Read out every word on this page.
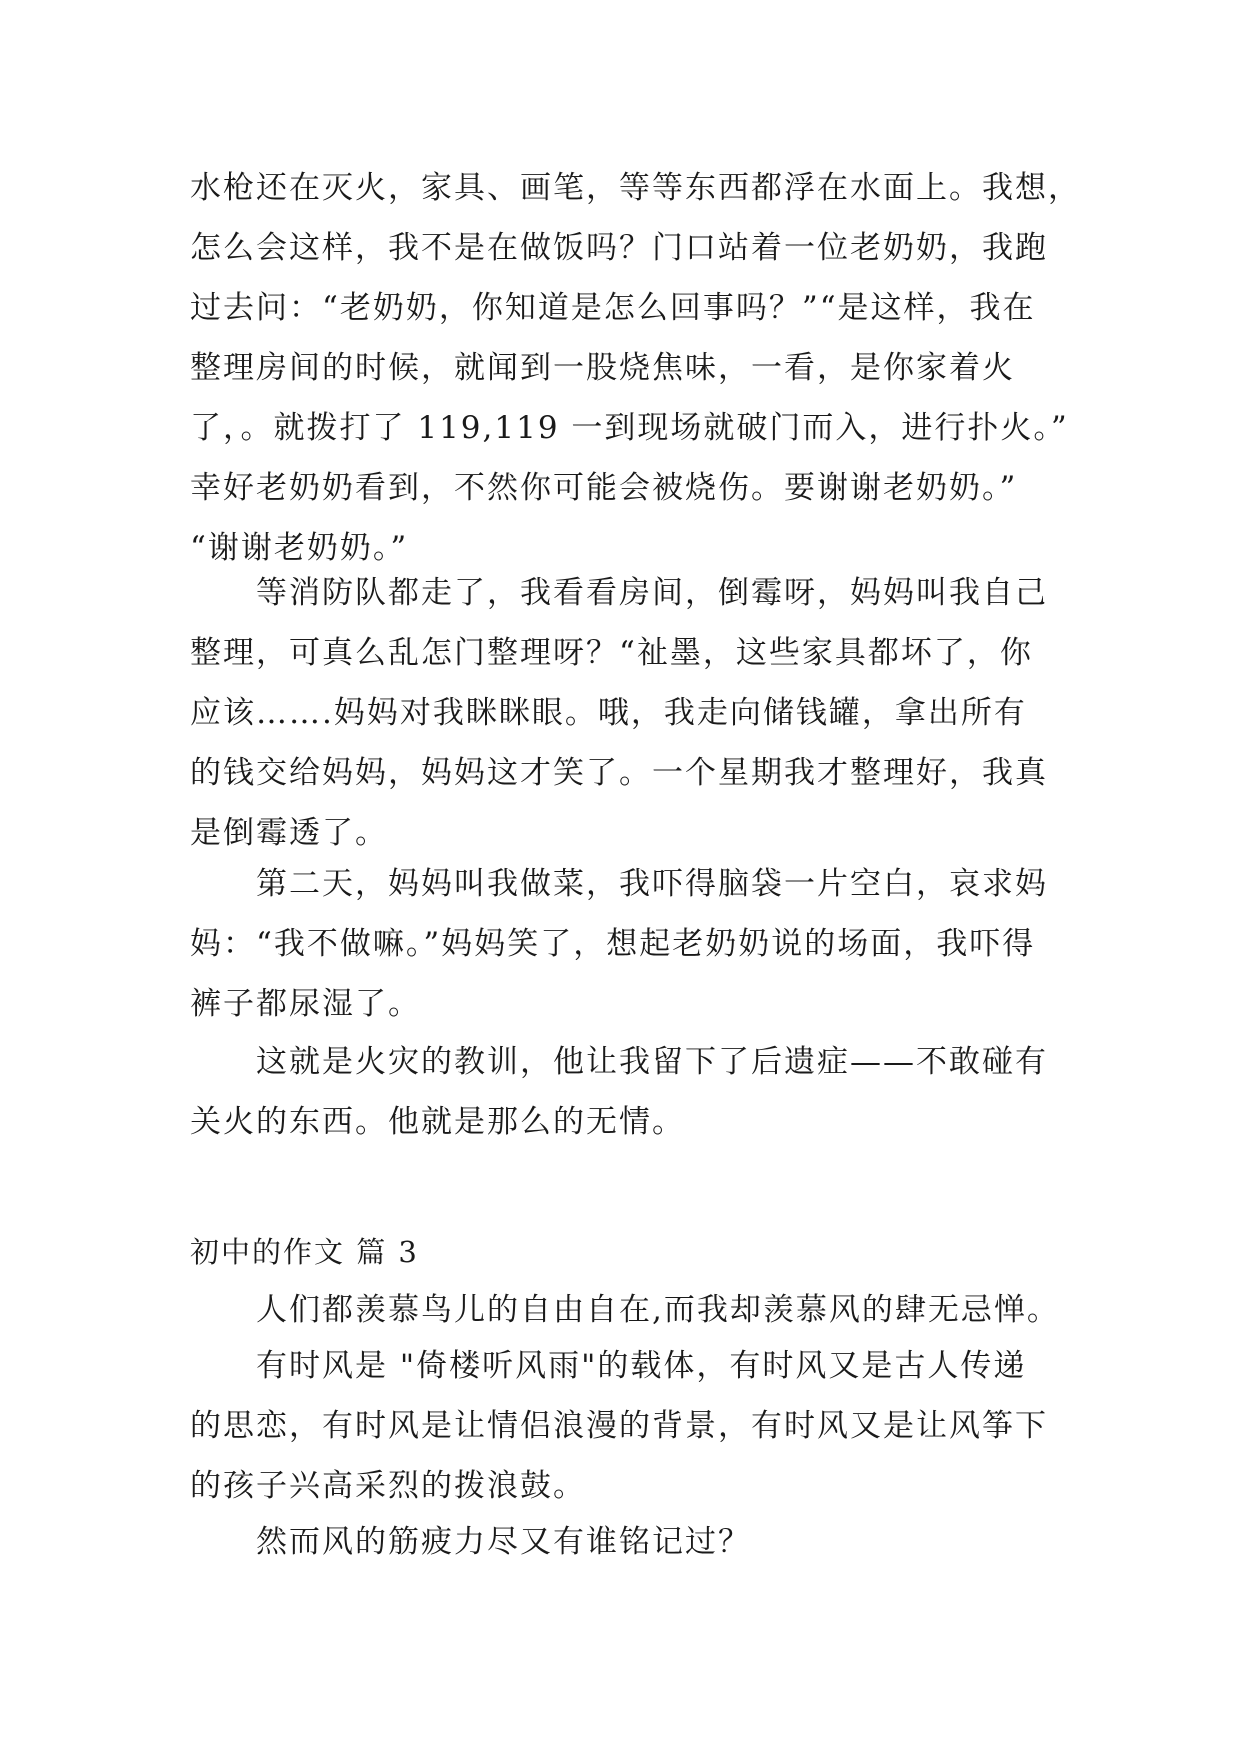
水枪还在灭火，家具、画笔，等等东西都浮在水面上。我想，
怎么会这样，我不是在做饭吗？门口站着一位老奶奶，我跑
过去问：“老奶奶，你知道是怎么回事吗？”“是这样，我在
整理房间的时候，就闻到一股烧焦味，一看，是你家着火
了，。就拨打了 119,119 一到现场就破门而入，进行扑火。”
幸好老奶奶看到，不然你可能会被烧伤。要谢谢老奶奶。”
“谢谢老奶奶。”
等消防队都走了，我看看房间，倒霉呀，妈妈叫我自己
整理，可真么乱怎门整理呀？“祉墨，这些家具都坏了，你
应该…….妈妈对我眯眯眼。哦，我走向储钱罐，拿出所有
的钱交给妈妈，妈妈这才笑了。一个星期我才整理好，我真
是倒霉透了。
第二天，妈妈叫我做菜，我吓得脑袋一片空白，哀求妈
妈：“我不做嘛。”妈妈笑了，想起老奶奶说的场面，我吓得
裤子都尿湿了。
这就是火灾的教训，他让我留下了后遗症——不敢碰有
关火的东西。他就是那么的无情。
初中的作文 篇 3
人们都羡慕鸟儿的自由自在,而我却羡慕风的肆无忌惮。
有时风是 "倚楼听风雨"的载体，有时风又是古人传递
的思恋，有时风是让情侣浪漫的背景，有时风又是让风筝下
的孩子兴高采烈的拨浪鼓。
然而风的筋疲力尽又有谁铭记过？
